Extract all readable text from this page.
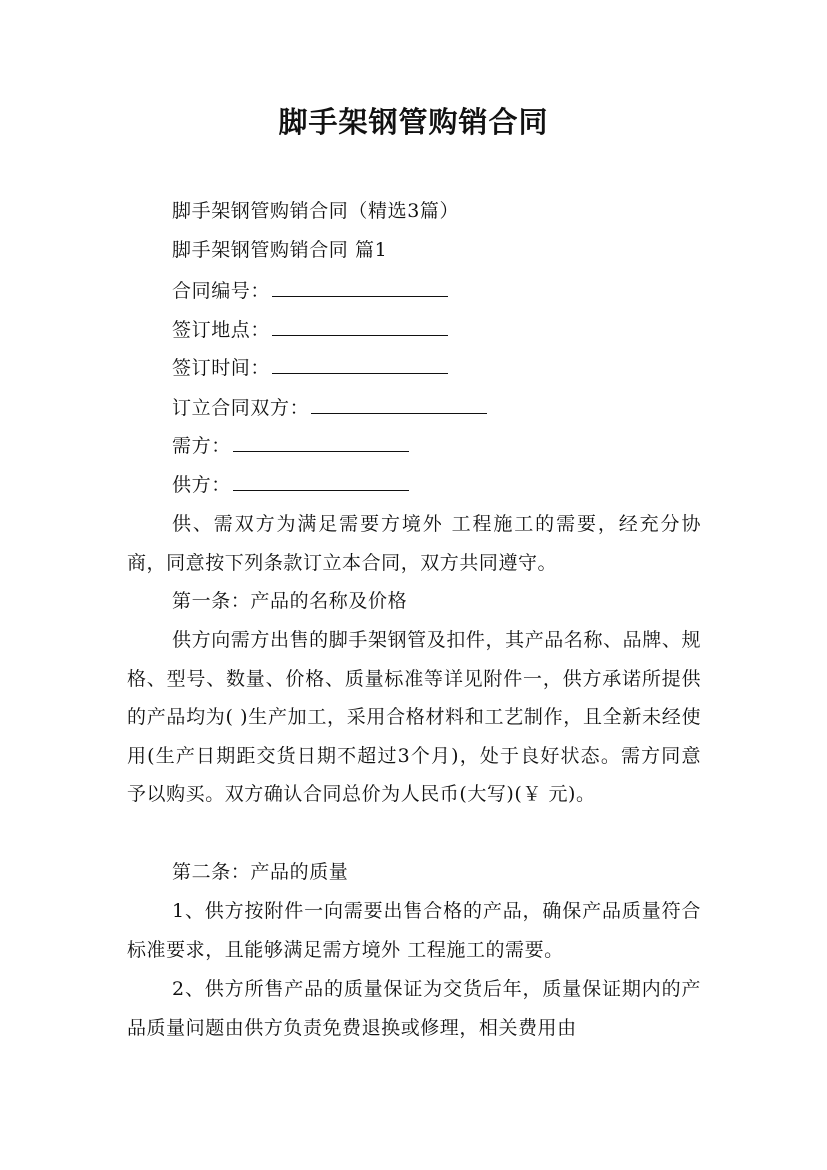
脚手架钢管购销合同
脚手架钢管购销合同（精选3篇）
脚手架钢管购销合同 篇1
合同编号：
签订地点：
签订时间：
订立合同双方：
需方：
供方：
供、需双方为满足需要方境外 工程施工的需要，经充分协商，同意按下列条款订立本合同，双方共同遵守。
第一条：产品的名称及价格
供方向需方出售的脚手架钢管及扣件，其产品名称、品牌、规格、型号、数量、价格、质量标准等详见附件一，供方承诺所提供的产品均为( )生产加工，采用合格材料和工艺制作，且全新未经使用(生产日期距交货日期不超过3个月)，处于良好状态。需方同意予以购买。双方确认合同总价为人民币(大写)(￥ 元)。
第二条：产品的质量
1、供方按附件一向需要出售合格的产品，确保产品质量符合标准要求，且能够满足需方境外 工程施工的需要。
2、供方所售产品的质量保证为交货后年，质量保证期内的产品质量问题由供方负责免费退换或修理，相关费用由
